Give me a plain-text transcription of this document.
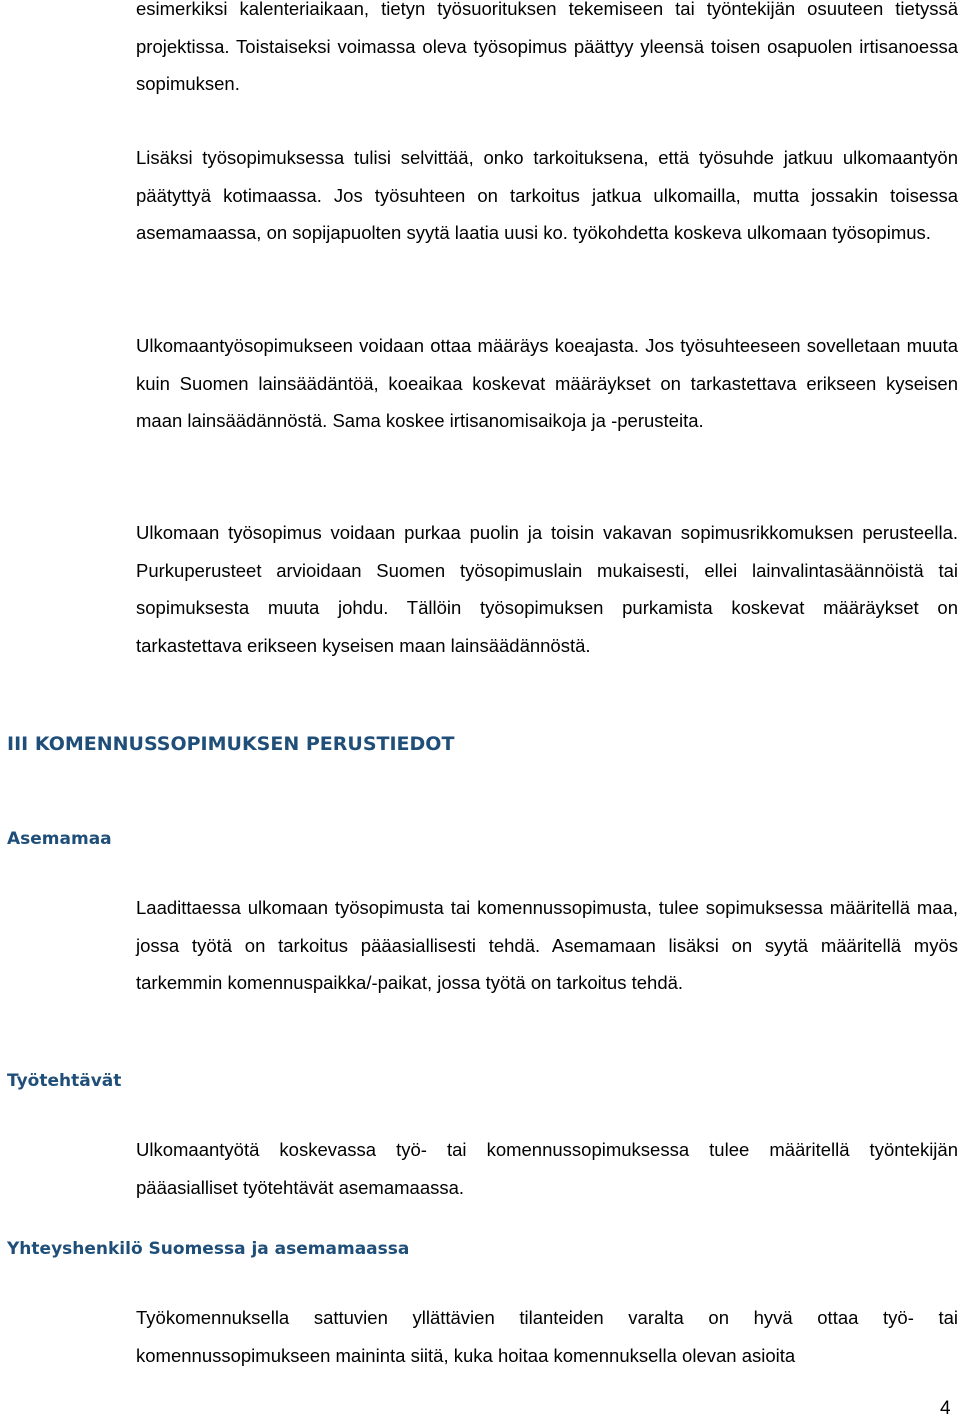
esimerkiksi kalenteriaikaan, tietyn työsuorituksen tekemiseen tai työntekijän osuuteen tietyssä projektissa. Toistaiseksi voimassa oleva työsopimus päättyy yleensä toisen osapuolen irtisanoessa sopimuksen.

Lisäksi työsopimuksessa tulisi selvittää, onko tarkoituksena, että työsuhde jatkuu ulkomaantyön päätyttyä kotimaassa. Jos työsuhteen on tarkoitus jatkua ulkomailla, mutta jossakin toisessa asemamaassa, on sopijapuolten syytä laatia uusi ko. työkohdetta koskeva ulkomaan työsopimus.

Ulkomaantyösopimukseen voidaan ottaa määräys koeajasta. Jos työsuhteeseen sovelletaan muuta kuin Suomen lainsäädäntöä, koeaikaa koskevat määräykset on tarkastettava erikseen kyseisen maan lainsäädännöstä. Sama koskee irtisanomisaikoja ja -perusteita.

Ulkomaan työsopimus voidaan purkaa puolin ja toisin vakavan sopimusrikkomuksen perusteella. Purkuperusteet arvioidaan Suomen työsopimuslain mukaisesti, ellei lainvalintasäännöistä tai sopimuksesta muuta johdu. Tällöin työsopimuksen purkamista koskevat määräykset on tarkastettava erikseen kyseisen maan lainsäädännöstä.

III KOMENNUSSOPIMUKSEN PERUSTIEDOT
Asemamaa

Laadittaessa ulkomaan työsopimusta tai komennussopimusta, tulee sopimuksessa määritellä maa, jossa työtä on tarkoitus pääasiallisesti tehdä. Asemamaan lisäksi on syytä määritellä myös tarkemmin komennuspaikka/-paikat, jossa työtä on tarkoitus tehdä.

Työtehtävät

Ulkomaantyötä koskevassa työ- tai komennussopimuksessa tulee määritellä työntekijän pääasialliset työtehtävät asemamaassa.

Yhteyshenkilö Suomessa ja asemamaassa

Työkomennuksella sattuvien yllättävien tilanteiden varalta on hyvä ottaa työ- tai komennussopimukseen maininta siitä, kuka hoitaa komennuksella olevan asioita

4
